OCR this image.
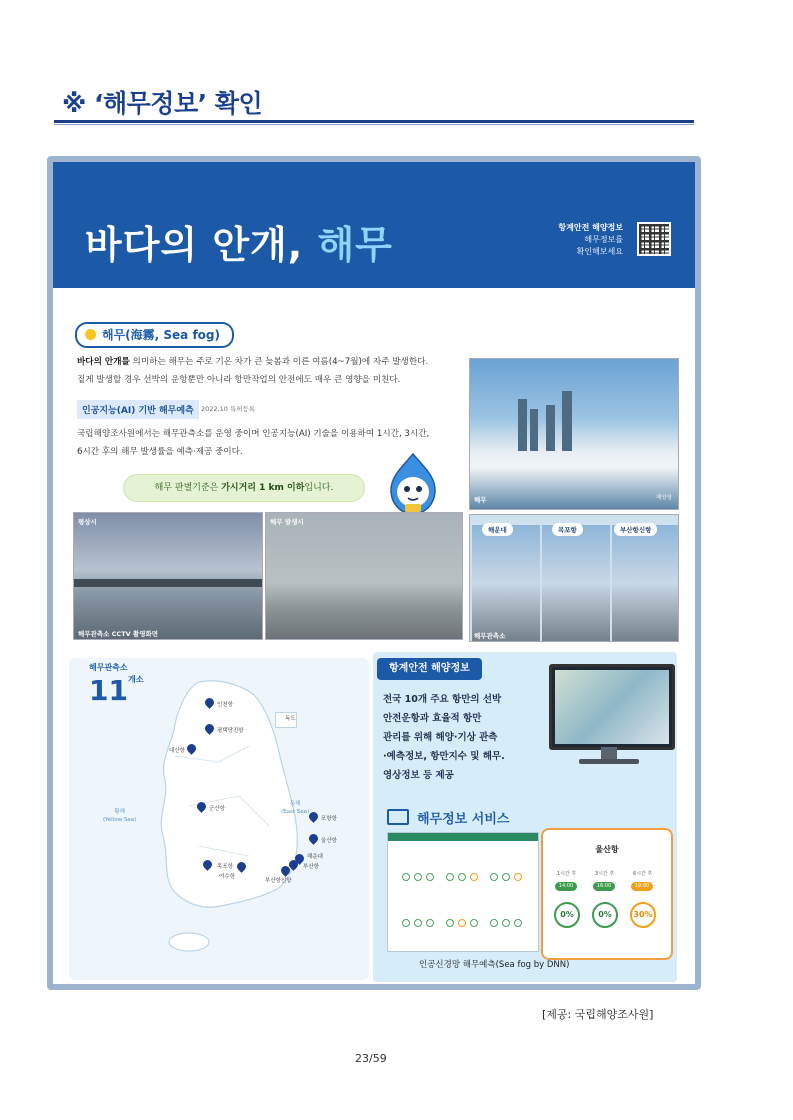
※ ‘해무정보’ 확인
바다의 안개, 해무	항계안전 해양정보
해무정보를
확인해보세요
해무(海霧, Sea fog)
바다의 안개를 의미하는 해무는 주로 기온 차가 큰 늦봄과 이른 여름(4~7월)에 자주 발생한다.
짙게 발생할 경우 선박의 운항뿐만 아니라 항만작업의 안전에도 매우 큰 영향을 미친다.
인공지능(AI) 기반 해무예측	2022.10 특허등록
국립해양조사원에서는 해무관측소를 운영 중이며 인공지능(AI) 기술을 이용하여 1시간, 3시간,
6시간 후의 해무 발생률을 예측·제공 중이다.
해무 판별기준은 가시거리 1 km 이하입니다.
해무	해양청
평상시
해무관측소 CCTV 촬영화면
해무 발생시
해운대	목포항	부산항신항
해무관측소
독도
황해
(Yellow Sea)
동해
(East Sea)
인천항
평택당진항
대산항
군산항
목포항
여수항
포항항
울산항
해운대
부산항
부산항신항
해무관측소
$11^{개소}$
항계안전 해양정보
전국 10개 주요 항만의 선박
안전운항과 효율적 항만
관리를 위해 해양·기상 관측
·예측정보, 항만지수 및 해무.
영상정보 등 제공
해무정보 서비스
울산항
1시간 후	3시간 후	6시간 후
14:00	16:00	19:00
0%	0%	30%
인공신경망 해무예측(Sea fog by DNN)
[제공: 국립해양조사원]
23/59
